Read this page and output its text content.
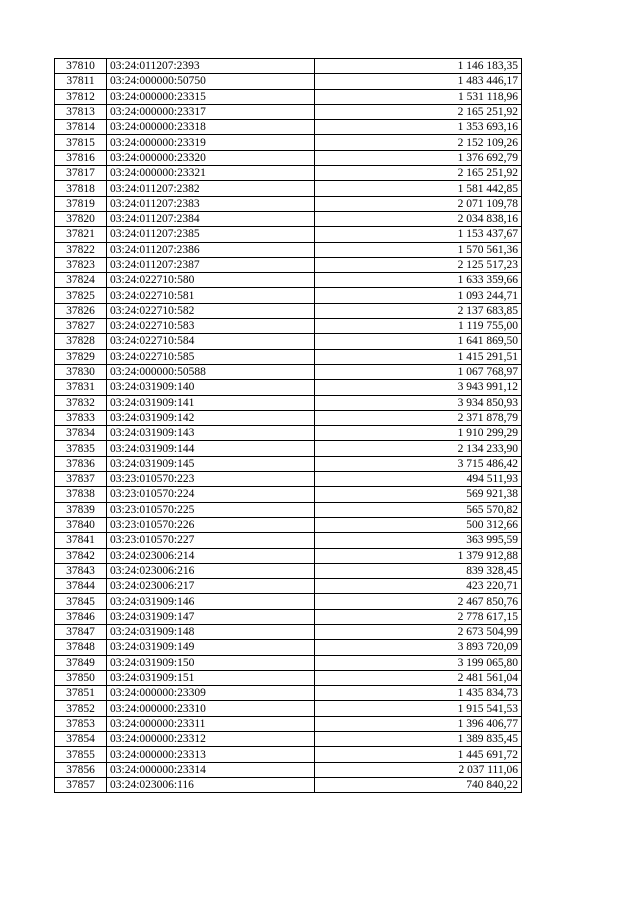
37810	03:24:011207:2393	1 146 183,35
37811	03:24:000000:50750	1 483 446,17
37812	03:24:000000:23315	1 531 118,96
37813	03:24:000000:23317	2 165 251,92
37814	03:24:000000:23318	1 353 693,16
37815	03:24:000000:23319	2 152 109,26
37816	03:24:000000:23320	1 376 692,79
37817	03:24:000000:23321	2 165 251,92
37818	03:24:011207:2382	1 581 442,85
37819	03:24:011207:2383	2 071 109,78
37820	03:24:011207:2384	2 034 838,16
37821	03:24:011207:2385	1 153 437,67
37822	03:24:011207:2386	1 570 561,36
37823	03:24:011207:2387	2 125 517,23
37824	03:24:022710:580	1 633 359,66
37825	03:24:022710:581	1 093 244,71
37826	03:24:022710:582	2 137 683,85
37827	03:24:022710:583	1 119 755,00
37828	03:24:022710:584	1 641 869,50
37829	03:24:022710:585	1 415 291,51
37830	03:24:000000:50588	1 067 768,97
37831	03:24:031909:140	3 943 991,12
37832	03:24:031909:141	3 934 850,93
37833	03:24:031909:142	2 371 878,79
37834	03:24:031909:143	1 910 299,29
37835	03:24:031909:144	2 134 233,90
37836	03:24:031909:145	3 715 486,42
37837	03:23:010570:223	494 511,93
37838	03:23:010570:224	569 921,38
37839	03:23:010570:225	565 570,82
37840	03:23:010570:226	500 312,66
37841	03:23:010570:227	363 995,59
37842	03:24:023006:214	1 379 912,88
37843	03:24:023006:216	839 328,45
37844	03:24:023006:217	423 220,71
37845	03:24:031909:146	2 467 850,76
37846	03:24:031909:147	2 778 617,15
37847	03:24:031909:148	2 673 504,99
37848	03:24:031909:149	3 893 720,09
37849	03:24:031909:150	3 199 065,80
37850	03:24:031909:151	2 481 561,04
37851	03:24:000000:23309	1 435 834,73
37852	03:24:000000:23310	1 915 541,53
37853	03:24:000000:23311	1 396 406,77
37854	03:24:000000:23312	1 389 835,45
37855	03:24:000000:23313	1 445 691,72
37856	03:24:000000:23314	2 037 111,06
37857	03:24:023006:116	740 840,22
